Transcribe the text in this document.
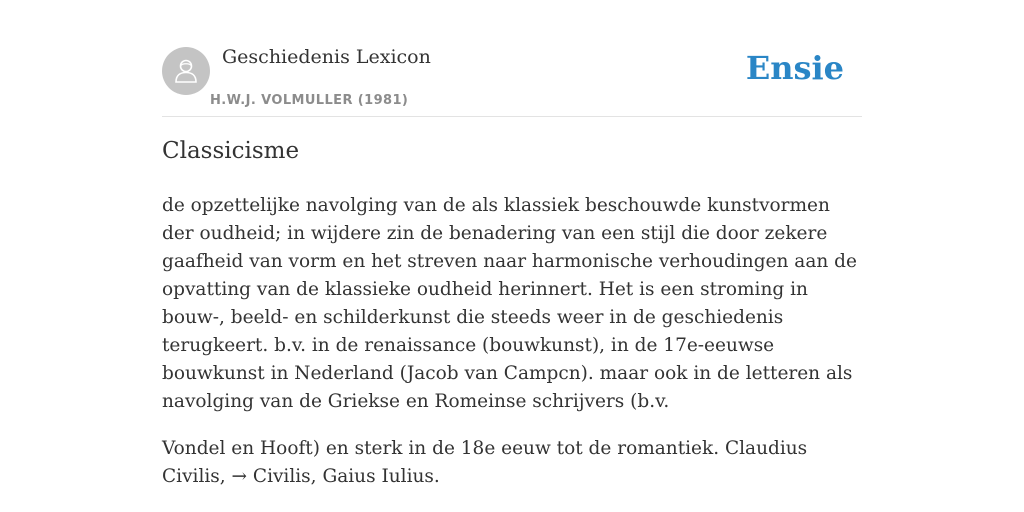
Geschiedenis Lexicon
H.W.J. VOLMULLER (1981)
Ensie
Classicisme

de opzettelijke navolging van de als klassiek beschouwde kunstvormen der oudheid; in wijdere zin de benadering van een stijl die door zekere gaafheid van vorm en het streven naar harmonische verhoudingen aan de opvatting van de klassieke oudheid herinnert. Het is een stroming in bouw-, beeld- en schilderkunst die steeds weer in de geschiedenis terugkeert. b.v. in de renaissance (bouwkunst), in de 17e-eeuwse bouwkunst in Nederland (Jacob van Campcn). maar ook in de letteren als navolging van de Griekse en Romeinse schrijvers (b.v.

Vondel en Hooft) en sterk in de 18e eeuw tot de romantiek. Claudius Civilis, → Civilis, Gaius Iulius.
